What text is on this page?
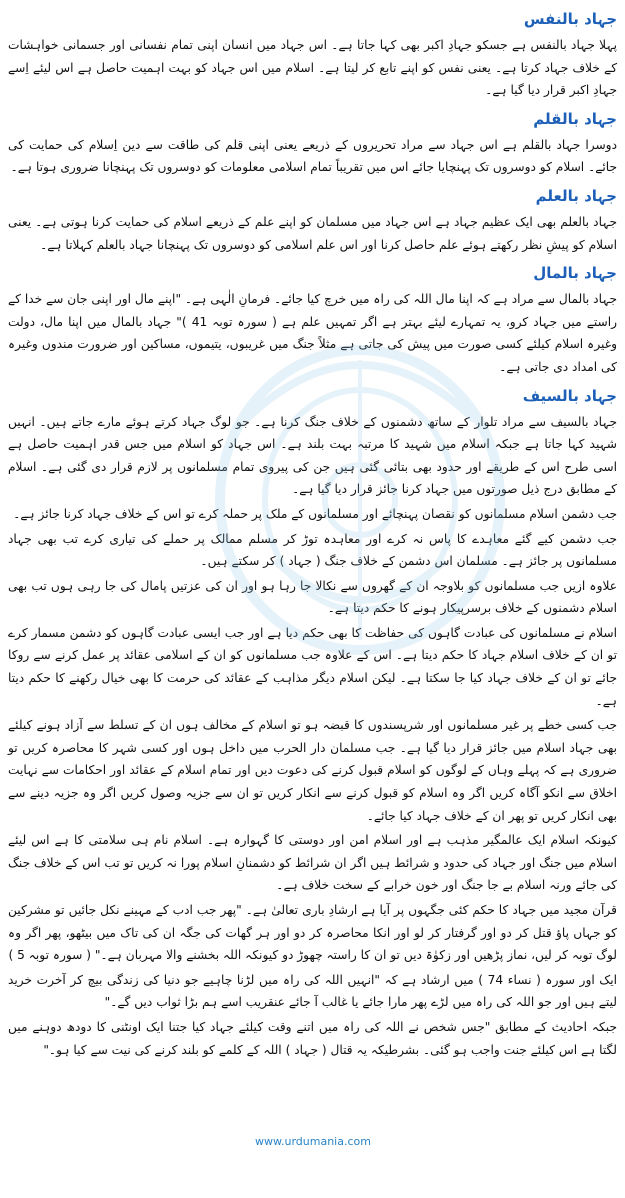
جہاد بالنفس

پہلا جہاد بالنفس ہے جسکو جہادِ اکبر بھی کہا جاتا ہے۔ اس جہاد میں انسان اپنی تمام نفسانی اور جسمانی خواہشات کے خلاف جہاد کرتا ہے۔ یعنی نفس کو اپنے تابع کر لیتا ہے۔ اسلام میں اس جہاد کو بہت اہمیت حاصل ہے اس لیئے اِسے جہادِ اکبر قرار دیا گیا ہے۔

جہاد بالقلم

دوسرا جہاد بالقلم ہے اس جہاد سے مراد تحریروں کے ذریعے یعنی اپنی قلم کی طاقت سے دین اِسلام کی حمایت کی جائے۔ اسلام کو دوسروں تک پہنچایا جائے اس میں تقریباً تمام اسلامی معلومات کو دوسروں تک پہنچانا ضروری ہوتا ہے۔

جہاد بالعلم

جہاد بالعلم بھی ایک عظیم جہاد ہے اس جہاد میں مسلمان کو اپنے علم کے ذریعے اسلام کی حمایت کرنا ہوتی ہے۔ یعنی اسلام کو پیشِ نظر رکھتے ہوئے علم حاصل کرنا اور اس علم اسلامی کو دوسروں تک پہنچانا جہاد بالعلم کہلاتا ہے۔

جہاد بالمال

جہاد بالمال سے مراد ہے کہ اپنا مال اللہ کی راہ میں خرچ کیا جائے۔ فرمانِ الٰہی ہے۔ "اپنے مال اور اپنی جان سے خدا کے راستے میں جہاد کرو، یہ تمہارے لیئے بہتر ہے اگر تمہیں علم ہے ( سورہ توبہ 41 )" جہاد بالمال میں اپنا مال، دولت وغیرہ اسلام کیلئے کسی صورت میں پیش کی جاتی ہے مثلاً جنگ میں غریبوں، یتیموں، مساکین اور ضرورت مندوں وغیرہ کی امداد دی جاتی ہے۔

جہاد بالسیف

جہاد بالسیف سے مراد تلوار کے ساتھ دشمنوں کے خلاف جنگ کرنا ہے۔ جو لوگ جہاد کرتے ہوئے مارے جاتے ہیں۔ انہیں شہید کہا جاتا ہے جبکہ اسلام میں شہید کا مرتبہ بہت بلند ہے۔ اس جہاد کو اسلام میں جس قدر اہمیت حاصل ہے اسی طرح اس کے طریقے اور حدود بھی بتائی گئی ہیں جن کی پیروی تمام مسلمانوں پر لازم قرار دی گئی ہے۔ اسلام کے مطابق درج ذیل صورتوں میں جہاد کرنا جائز قرار دیا گیا ہے۔

جب دشمن اسلام مسلمانوں کو نقصان پہنچائے اور مسلمانوں کے ملک پر حملہ کرے تو اس کے خلاف جہاد کرنا جائز ہے۔

جب دشمن کیے گئے معاہدے کا پاس نہ کرے اور معاہدہ توڑ کر مسلم ممالک پر حملے کی تیاری کرے تب بھی جہاد مسلمانوں پر جائز ہے۔ مسلمان اس دشمن کے خلاف جنگ ( جہاد ) کر سکتے ہیں۔

علاوہ ازیں جب مسلمانوں کو بلاوجہ ان کے گھروں سے نکالا جا رہا ہو اور ان کی عزتیں پامال کی جا رہی ہوں تب بھی اسلام دشمنوں کے خلاف برسرپیکار ہونے کا حکم دیتا ہے۔

اسلام نے مسلمانوں کی عبادت گاہوں کی حفاظت کا بھی حکم دیا ہے اور جب ایسی عبادت گاہوں کو دشمن مسمار کرے تو ان کے خلاف اسلام جہاد کا حکم دیتا ہے۔ اس کے علاوہ جب مسلمانوں کو ان کے اسلامی عقائد پر عمل کرنے سے روکا جائے تو ان کے خلاف جہاد کیا جا سکتا ہے۔ لیکن اسلام دیگر مذاہب کے عقائد کی حرمت کا بھی خیال رکھنے کا حکم دیتا ہے۔

جب کسی خطے پر غیر مسلمانوں اور شرپسندوں کا قبضہ ہو تو اسلام کے مخالف ہوں ان کے تسلط سے آزاد ہونے کیلئے بھی جہاد اسلام میں جائز قرار دیا گیا ہے۔ جب مسلمان دار الحرب میں داخل ہوں اور کسی شہر کا محاصرہ کریں تو ضروری ہے کہ پہلے وہاں کے لوگوں کو اسلام قبول کرنے کی دعوت دیں اور تمام اسلام کے عقائد اور احکامات سے نہایت اخلاق سے انکو آگاہ کریں اگر وہ اسلام کو قبول کرنے سے انکار کریں تو ان سے جزیہ وصول کریں اگر وہ جزیہ دینے سے بھی انکار کریں تو پھر ان کے خلاف جہاد کیا جائے۔

کیونکہ اسلام ایک عالمگیر مذہب ہے اور اسلام امن اور دوستی کا گہوارہ ہے۔ اسلام نام ہی سلامتی کا ہے اس لیئے اسلام میں جنگ اور جہاد کی حدود و شرائط ہیں اگر ان شرائط کو دشمنانِ اسلام پورا نہ کریں تو تب اس کے خلاف جنگ کی جائے ورنہ اسلام بے جا جنگ اور خون خرابے کے سخت خلاف ہے۔

قرآن مجید میں جہاد کا حکم کئی جگہوں پر آیا ہے ارشادِ باری تعالیٰ ہے۔ "پھر جب ادب کے مہینے نکل جائیں تو مشرکین کو جہاں پاؤ قتل کر دو اور گرفتار کر لو اور انکا محاصرہ کر دو اور ہر گھات کی جگہ ان کی تاک میں بیٹھو، پھر اگر وہ لوگ توبہ کر لیں، نماز پڑھیں اور زکوٰۃ دیں تو ان کا راستہ چھوڑ دو کیونکہ اللہ بخشنے والا مہربان ہے۔" ( سورہ توبہ 5 )

ایک اور سورہ ( نساء 74 ) میں ارشاد ہے کہ "انہیں اللہ کی راہ میں لڑنا چاہیے جو دنیا کی زندگی بیچ کر آخرت خرید لیتے ہیں اور جو اللہ کی راہ میں لڑے پھر مارا جائے یا غالب آ جائے عنقریب اسے ہم بڑا ثواب دیں گے۔"

جبکہ احادیث کے مطابق "جس شخص نے اللہ کی راہ میں اتنے وقت کیلئے جہاد کیا جتنا ایک اونٹنی کا دودھ دوہنے میں لگتا ہے اس کیلئے جنت واجب ہو گئی۔ بشرطیکہ یہ قتال ( جہاد ) اللہ کے کلمے کو بلند کرنے کی نیت سے کیا ہو۔"

www.urdumania.com
